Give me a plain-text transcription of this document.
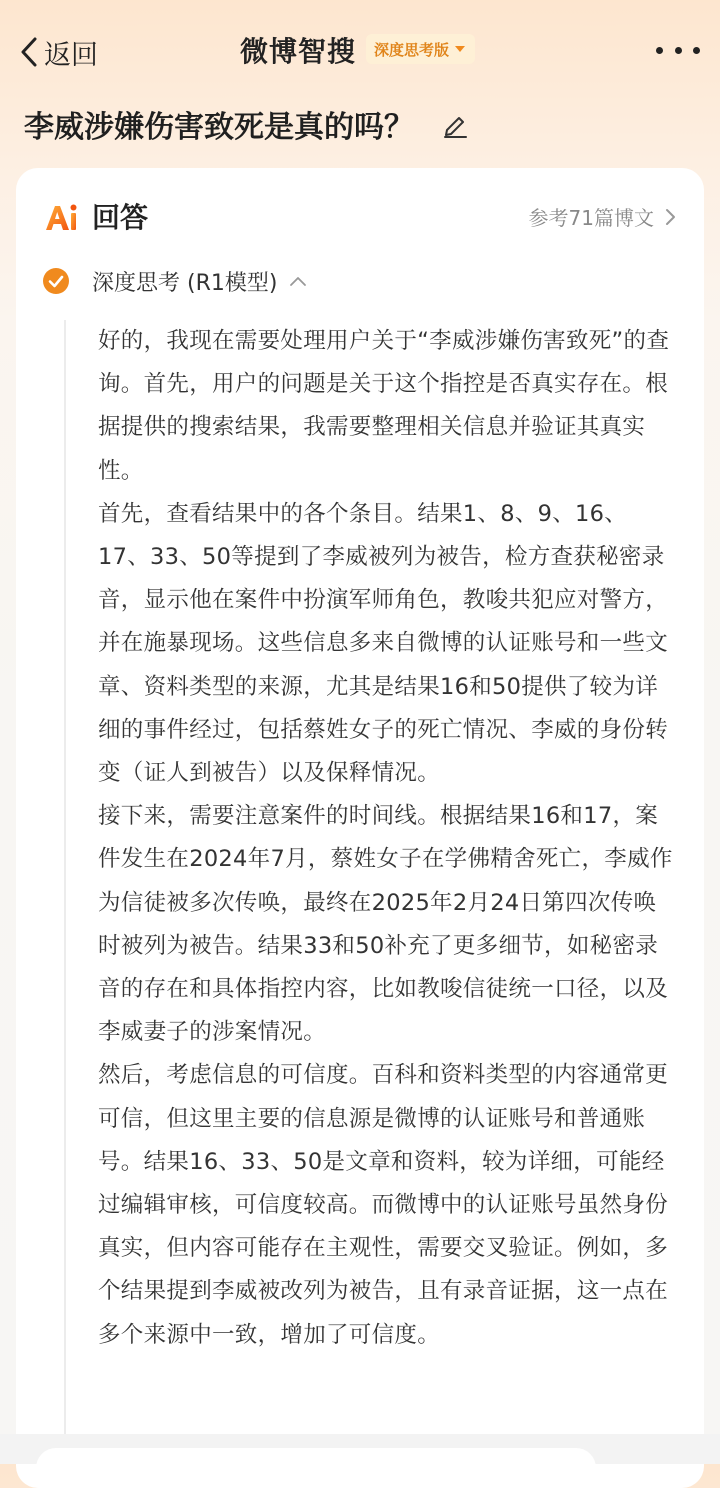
返回	微博智搜 深度思考版
李威涉嫌伤害致死是真的吗？
回答	参考71篇博文
深度思考 (R1模型)

好的，我现在需要处理用户关于“李威涉嫌伤害致死”的查询。首先，用户的问题是关于这个指控是否真实存在。根据提供的搜索结果，我需要整理相关信息并验证其真实性。

首先，查看结果中的各个条目。结果1、8、9、16、17、33、50等提到了李威被列为被告，检方查获秘密录音，显示他在案件中扮演军师角色，教唆共犯应对警方，并在施暴现场。这些信息多来自微博的认证账号和一些文章、资料类型的来源，尤其是结果16和50提供了较为详细的事件经过，包括蔡姓女子的死亡情况、李威的身份转变（证人到被告）以及保释情况。

接下来，需要注意案件的时间线。根据结果16和17，案件发生在2024年7月，蔡姓女子在学佛精舍死亡，李威作为信徒被多次传唤，最终在2025年2月24日第四次传唤时被列为被告。结果33和50补充了更多细节，如秘密录音的存在和具体指控内容，比如教唆信徒统一口径，以及李威妻子的涉案情况。

然后，考虑信息的可信度。百科和资料类型的内容通常更可信，但这里主要的信息源是微博的认证账号和普通账号。结果16、33、50是文章和资料，较为详细，可能经过编辑审核，可信度较高。而微博中的认证账号虽然身份真实，但内容可能存在主观性，需要交叉验证。例如，多个结果提到李威被改列为被告，且有录音证据，这一点在多个来源中一致，增加了可信度。
